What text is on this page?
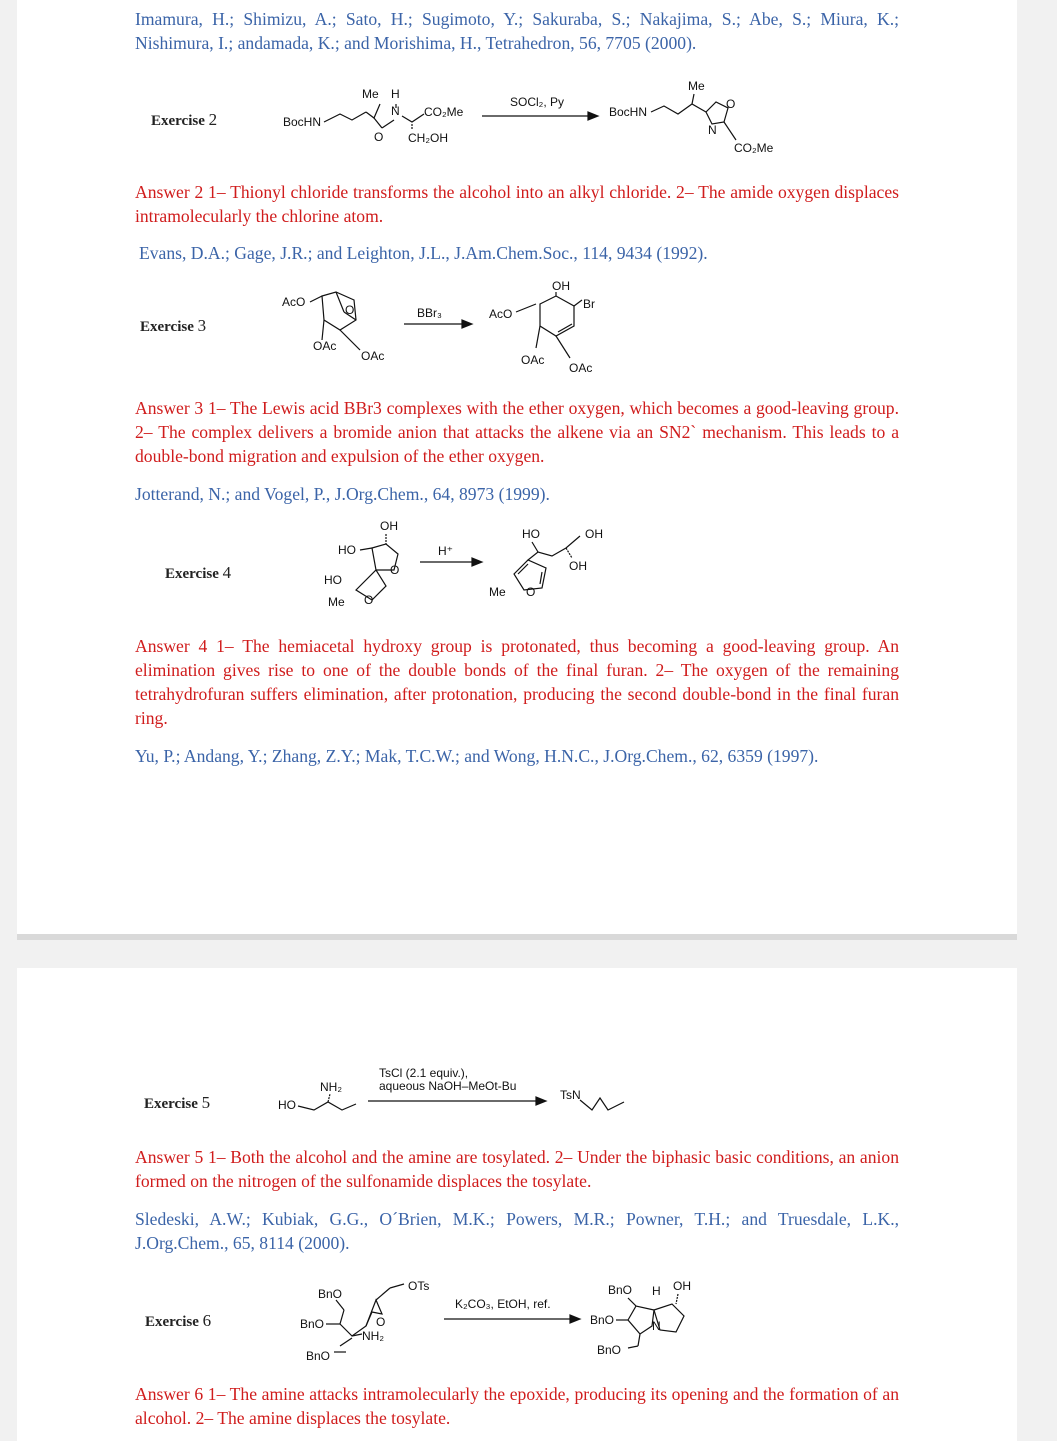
Imamura, H.; Shimizu, A.; Sato, H.; Sugimoto, Y.; Sakuraba, S.; Nakajima, S.; Abe, S.; Miura, K.; Nishimura, I.; andamada, K.; and Morishima, H., Tetrahedron, 56, 7705 (2000).

Exercise 2	BocHN
Me H
O
N CO₂Me
CH₂OH
SOCl₂, Py
BocHN
Me
O
N
CO₂Me

Answer 2 1– Thionyl chloride transforms the alcohol into an alkyl chloride. 2– The amide oxygen displaces intramolecularly the chlorine atom.

Evans, D.A.; Gage, J.R.; and Leighton, J.L., J.Am.Chem.Soc., 114, 9434 (1992).

Exercise 3
AcO
O
OAc
OAc
BBr₃	AcO
OH
Br
OAc
OAc

Answer 3 1– The Lewis acid BBr3 complexes with the ether oxygen, which becomes a good-leaving group. 2– The complex delivers a bromide anion that attacks the alkene via an SN2` mechanism. This leads to a double-bond migration and expulsion of the ether oxygen.

Jotterand, N.; and Vogel, P., J.Org.Chem., 64, 8973 (1999).

Exercise 4
OH
HO
O
HO
Me O
H⁺
HO	OH
OH
Me O

Answer 4 1– The hemiacetal hydroxy group is protonated, thus becoming a good-leaving group. An elimination gives rise to one of the double bonds of the final furan. 2– The oxygen of the remaining tetrahydrofuran suffers elimination, after protonation, producing the second double-bond in the final furan ring.

Yu, P.; Andang, Y.; Zhang, Z.Y.; Mak, T.C.W.; and Wong, H.N.C., J.Org.Chem., 62, 6359 (1997).

Exercise 5	HO
NH₂
TsCl (2.1 equiv.),
aqueous NaOH–MeOt-Bu
TsN

Answer 5 1– Both the alcohol and the amine are tosylated. 2– Under the biphasic basic conditions, an anion formed on the nitrogen of the sulfonamide displaces the tosylate.

Sledeski, A.W.; Kubiak, G.G., O´Brien, M.K.; Powers, M.R.; Powner, T.H.; and Truesdale, L.K., J.Org.Chem., 65, 8114 (2000).

Exercise 6
BnO
BnO
OTs
O
NH₂
BnO
K₂CO₃, EtOH, ref.
BnO H OH
BnO	N
BnO

Answer 6 1– The amine attacks intramolecularly the epoxide, producing its opening and the formation of an alcohol. 2– The amine displaces the tosylate.
